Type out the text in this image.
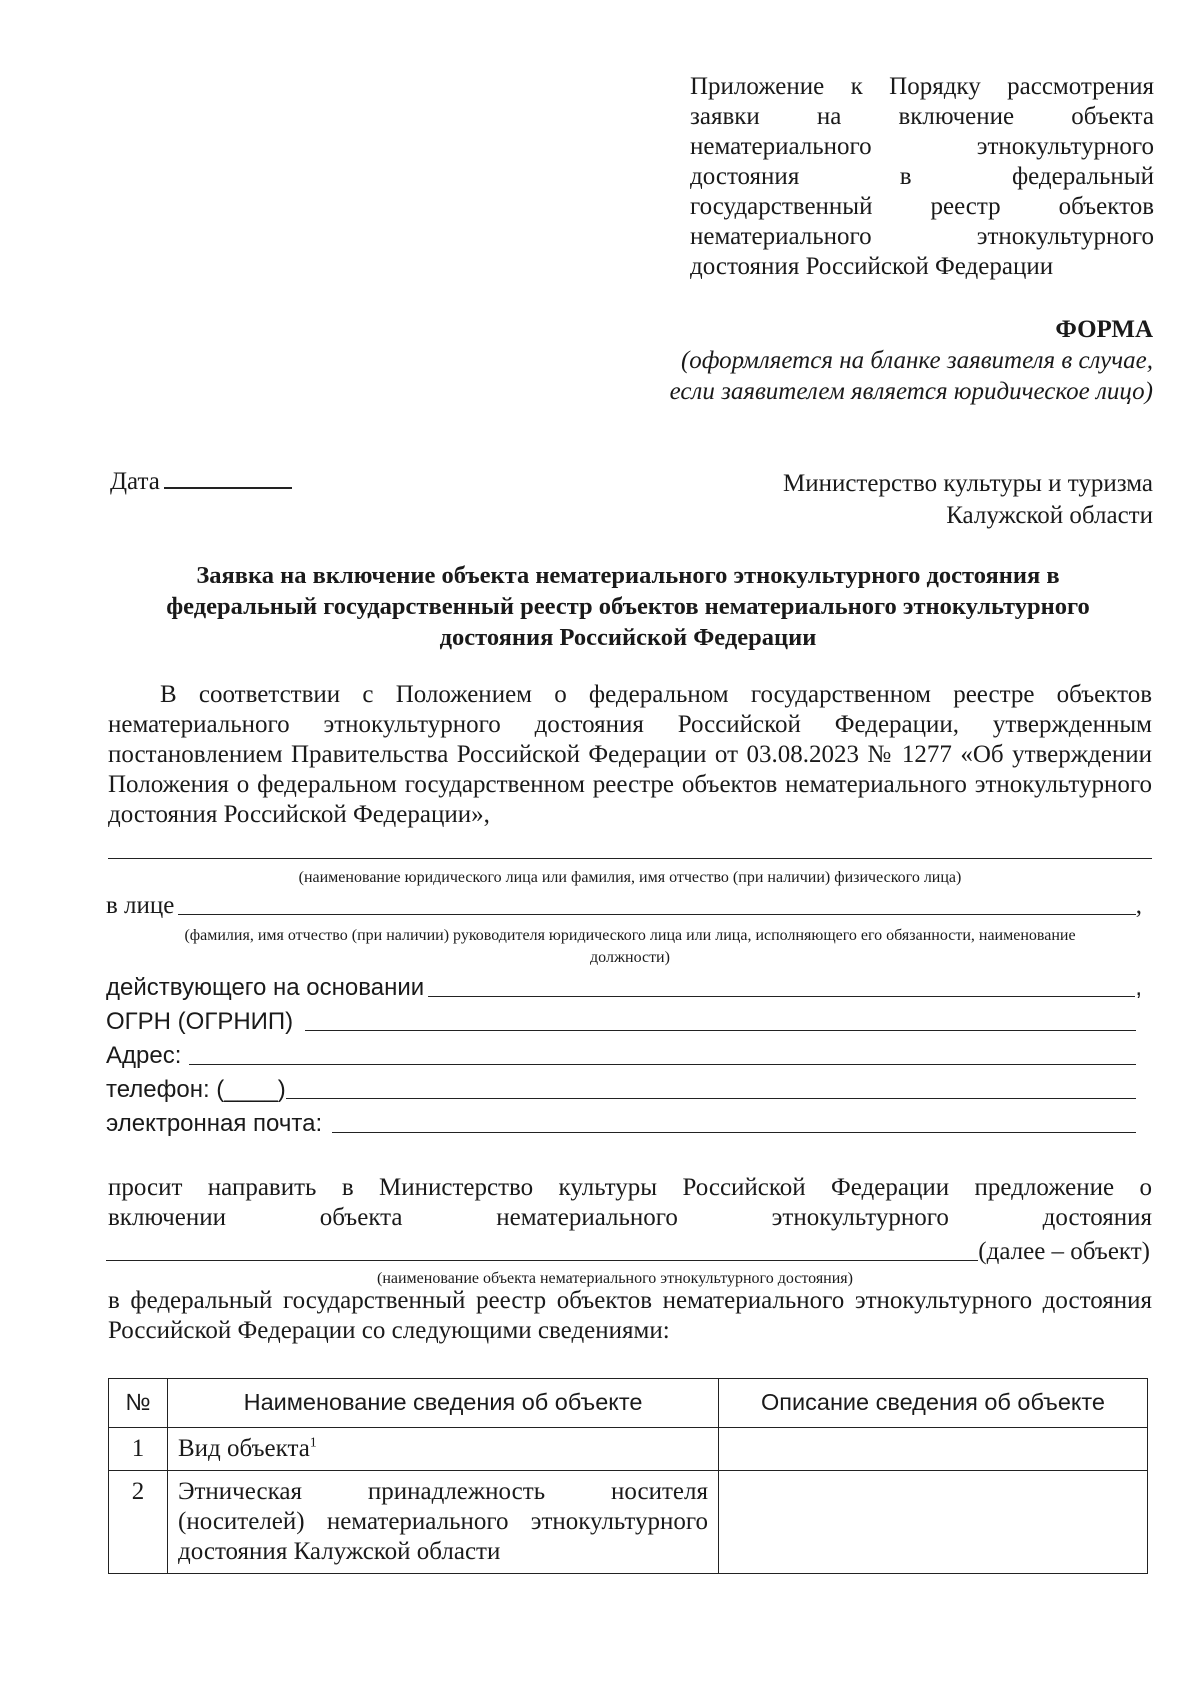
Приложение к Порядку рассмотрения
заявки на включение объекта
нематериального этнокультурного
достояния в федеральный
государственный реестр объектов
нематериального этнокультурного
достояния Российской Федерации
ФОРМА
(оформляется на бланке заявителя в случае,
если заявителем является юридическое лицо)
Дата	Министерство культуры и туризма
Калужской области
Заявка на включение объекта нематериального этнокультурного достояния в
федеральный государственный реестр объектов нематериального этнокультурного
достояния Российской Федерации
В соответствии с Положением о федеральном государственном реестре объектов нематериального этнокультурного достояния Российской Федерации, утвержденным постановлением Правительства Российской Федерации от 03.08.2023 № 1277 «Об утверждении Положения о федеральном государственном реестре объектов нематериального этнокультурного достояния Российской Федерации»,
(наименование юридического лица или фамилия, имя отчество (при наличии) физического лица)
в лице	,
(фамилия, имя отчество (при наличии) руководителя юридического лица или лица, исполняющего его обязанности, наименование
должности)
действующего на основании	,
ОГРН (ОГРНИП)
Адрес:
телефон: (____)
электронная почта:
просит направить в Министерство культуры Российской Федерации предложение о
включении объекта нематериального этнокультурного достояния
(далее – объект)
(наименование объекта нематериального этнокультурного достояния)
в федеральный государственный реестр объектов нематериального этнокультурного достояния Российской Федерации со следующими сведениями:
№	Наименование сведения об объекте	Описание сведения об объекте
1	Вид объекта$^1$	
2	Этническая принадлежность носителя
(носителей) нематериального этнокультурного
достояния Калужской области	
